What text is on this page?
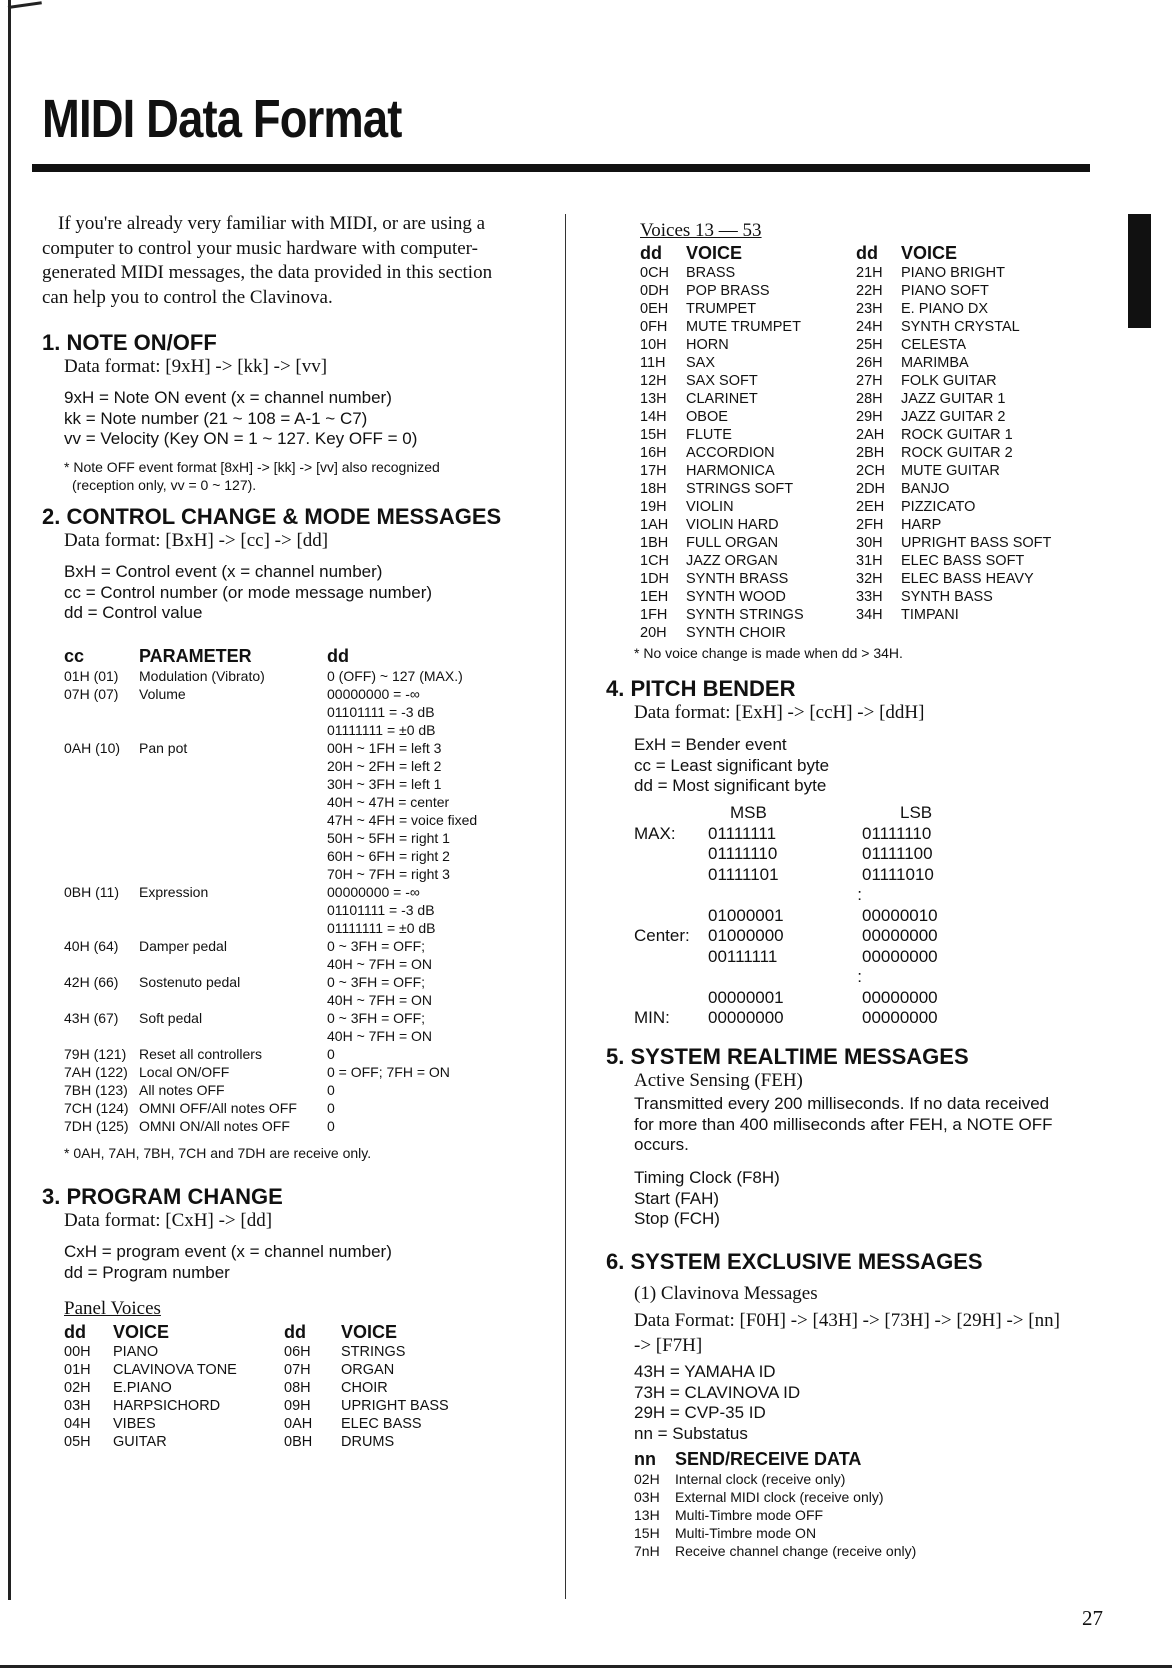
MIDI Data Format
If you're already very familiar with MIDI, or are using a
computer to control your music hardware with computer-
generated MIDI messages, the data provided in this section
can help you to control the Clavinova.
1. NOTE ON/OFF
Data format: [9xH] -> [kk] -> [vv]
9xH = Note ON event (x = channel number)
kk = Note number (21 ~ 108 = A-1 ~ C7)
vv = Velocity (Key ON = 1 ~ 127. Key OFF = 0)
* Note OFF event format [8xH] -> [kk] -> [vv] also recognized
(reception only, vv = 0 ~ 127).
2. CONTROL CHANGE & MODE MESSAGES
Data format: [BxH] -> [cc] -> [dd]
BxH = Control event (x = channel number)
cc = Control number (or mode message number)
dd = Control value
cc	PARAMETER	dd
01H (01)	Modulation (Vibrato)	0 (OFF) ~ 127 (MAX.)
07H (07)	Volume	00000000 = -∞
		01101111 = -3 dB
		01111111 = ±0 dB
0AH (10)	Pan pot	00H ~ 1FH = left 3
		20H ~ 2FH = left 2
		30H ~ 3FH = left 1
		40H ~ 47H = center
		47H ~ 4FH = voice fixed
		50H ~ 5FH = right 1
		60H ~ 6FH = right 2
		70H ~ 7FH = right 3
0BH (11)	Expression	00000000 = -∞
		01101111 = -3 dB
		01111111 = ±0 dB
40H (64)	Damper pedal	0 ~ 3FH = OFF;
		40H ~ 7FH = ON
42H (66)	Sostenuto pedal	0 ~ 3FH = OFF;
		40H ~ 7FH = ON
43H (67)	Soft pedal	0 ~ 3FH = OFF;
		40H ~ 7FH = ON
79H (121)	Reset all controllers	0
7AH (122)	Local ON/OFF	0 = OFF; 7FH = ON
7BH (123)	All notes OFF	0
7CH (124)	OMNI OFF/All notes OFF	0
7DH (125)	OMNI ON/All notes OFF	0
* 0AH, 7AH, 7BH, 7CH and 7DH are receive only.
3. PROGRAM CHANGE
Data format: [CxH] -> [dd]
CxH = program event (x = channel number)
dd = Program number
Panel Voices
dd	VOICE	dd	VOICE
00H	PIANO	06H	STRINGS
01H	CLAVINOVA TONE	07H	ORGAN
02H	E.PIANO	08H	CHOIR
03H	HARPSICHORD	09H	UPRIGHT BASS
04H	VIBES	0AH	ELEC BASS
05H	GUITAR	0BH	DRUMS
Voices 13 — 53
dd	VOICE	dd	VOICE
0CH	BRASS	21H	PIANO BRIGHT
0DH	POP BRASS	22H	PIANO SOFT
0EH	TRUMPET	23H	E. PIANO DX
0FH	MUTE TRUMPET	24H	SYNTH CRYSTAL
10H	HORN	25H	CELESTA
11H	SAX	26H	MARIMBA
12H	SAX SOFT	27H	FOLK GUITAR
13H	CLARINET	28H	JAZZ GUITAR 1
14H	OBOE	29H	JAZZ GUITAR 2
15H	FLUTE	2AH	ROCK GUITAR 1
16H	ACCORDION	2BH	ROCK GUITAR 2
17H	HARMONICA	2CH	MUTE GUITAR
18H	STRINGS SOFT	2DH	BANJO
19H	VIOLIN	2EH	PIZZICATO
1AH	VIOLIN HARD	2FH	HARP
1BH	FULL ORGAN	30H	UPRIGHT BASS SOFT
1CH	JAZZ ORGAN	31H	ELEC BASS SOFT
1DH	SYNTH BRASS	32H	ELEC BASS HEAVY
1EH	SYNTH WOOD	33H	SYNTH BASS
1FH	SYNTH STRINGS	34H	TIMPANI
20H	SYNTH CHOIR		
* No voice change is made when dd > 34H.
4. PITCH BENDER
Data format: [ExH] -> [ccH] -> [ddH]
ExH = Bender event
cc = Least significant byte
dd = Most significant byte
	MSB	LSB
MAX:	01111111	01111110
	01111110	01111100
	01111101	01111010
	:	
	01000001	00000010
Center:	01000000	00000000
	00111111	00000000
	:	
	00000001	00000000
MIN:	00000000	00000000
5. SYSTEM REALTIME MESSAGES
Active Sensing (FEH)
Transmitted every 200 milliseconds. If no data received
for more than 400 milliseconds after FEH, a NOTE OFF
occurs.
Timing Clock (F8H)
Start (FAH)
Stop (FCH)
6. SYSTEM EXCLUSIVE MESSAGES
(1) Clavinova Messages
Data Format: [F0H] -> [43H] -> [73H] -> [29H] -> [nn]
-> [F7H]
43H = YAMAHA ID
73H = CLAVINOVA ID
29H = CVP-35 ID
nn = Substatus
nn	SEND/RECEIVE DATA
02H	Internal clock (receive only)
03H	External MIDI clock (receive only)
13H	Multi-Timbre mode OFF
15H	Multi-Timbre mode ON
7nH	Receive channel change (receive only)
27
